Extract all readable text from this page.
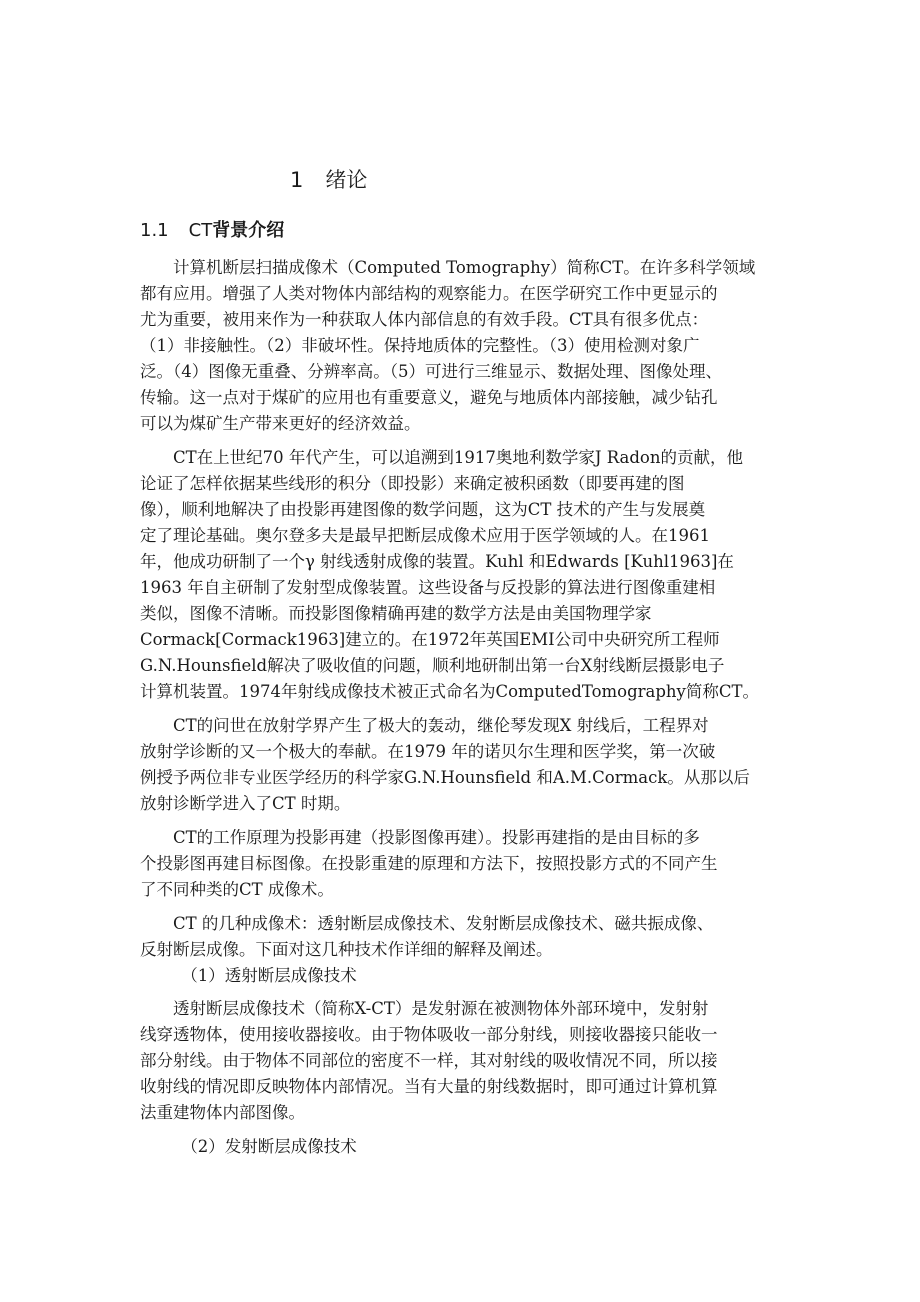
1 绪论
1.1 CT背景介绍
　　计算机断层扫描成像术（Computed Tomography）简称CT。在许多科学领域
都有应用。增强了人类对物体内部结构的观察能力。在医学研究工作中更显示的
尤为重要，被用来作为一种获取人体内部信息的有效手段。CT具有很多优点：
（1）非接触性。（2）非破坏性。保持地质体的完整性。（3）使用检测对象广
泛。（4）图像无重叠、分辨率高。（5）可进行三维显示、数据处理、图像处理、
传输。这一点对于煤矿的应用也有重要意义，避免与地质体内部接触，减少钻孔
可以为煤矿生产带来更好的经济效益。
　　CT在上世纪70 年代产生，可以追溯到1917奥地利数学家J Radon的贡献，他
论证了怎样依据某些线形的积分（即投影）来确定被积函数（即要再建的图
像），顺利地解决了由投影再建图像的数学问题，这为CT 技术的产生与发展奠
定了理论基础。奥尔登多夫是最早把断层成像术应用于医学领域的人。在1961
年，他成功研制了一个γ 射线透射成像的装置。Kuhl 和Edwards [Kuhl1963]在
1963 年自主研制了发射型成像装置。这些设备与反投影的算法进行图像重建相
类似，图像不清晰。而投影图像精确再建的数学方法是由美国物理学家
Cormack[Cormack1963]建立的。在1972年英国EMI公司中央研究所工程师
G.N.Hounsfield解决了吸收值的问题，顺利地研制出第一台X射线断层摄影电子
计算机装置。1974年射线成像技术被正式命名为ComputedTomography简称CT。
　　CT的问世在放射学界产生了极大的轰动，继伦琴发现X 射线后，工程界对
放射学诊断的又一个极大的奉献。在1979 年的诺贝尔生理和医学奖，第一次破
例授予两位非专业医学经历的科学家G.N.Hounsfield 和A.M.Cormack。从那以后
放射诊断学进入了CT 时期。
　　CT的工作原理为投影再建（投影图像再建）。投影再建指的是由目标的多
个投影图再建目标图像。在投影重建的原理和方法下，按照投影方式的不同产生
了不同种类的CT 成像术。
　　CT 的几种成像术：透射断层成像技术、发射断层成像技术、磁共振成像、
反射断层成像。下面对这几种技术作详细的解释及阐述。
　　 （1）透射断层成像技术
　　透射断层成像技术（简称X-CT）是发射源在被测物体外部环境中，发射射
线穿透物体，使用接收器接收。由于物体吸收一部分射线，则接收器接只能收一
部分射线。由于物体不同部位的密度不一样，其对射线的吸收情况不同，所以接
收射线的情况即反映物体内部情况。当有大量的射线数据时，即可通过计算机算
法重建物体内部图像。
　　 （2）发射断层成像技术
